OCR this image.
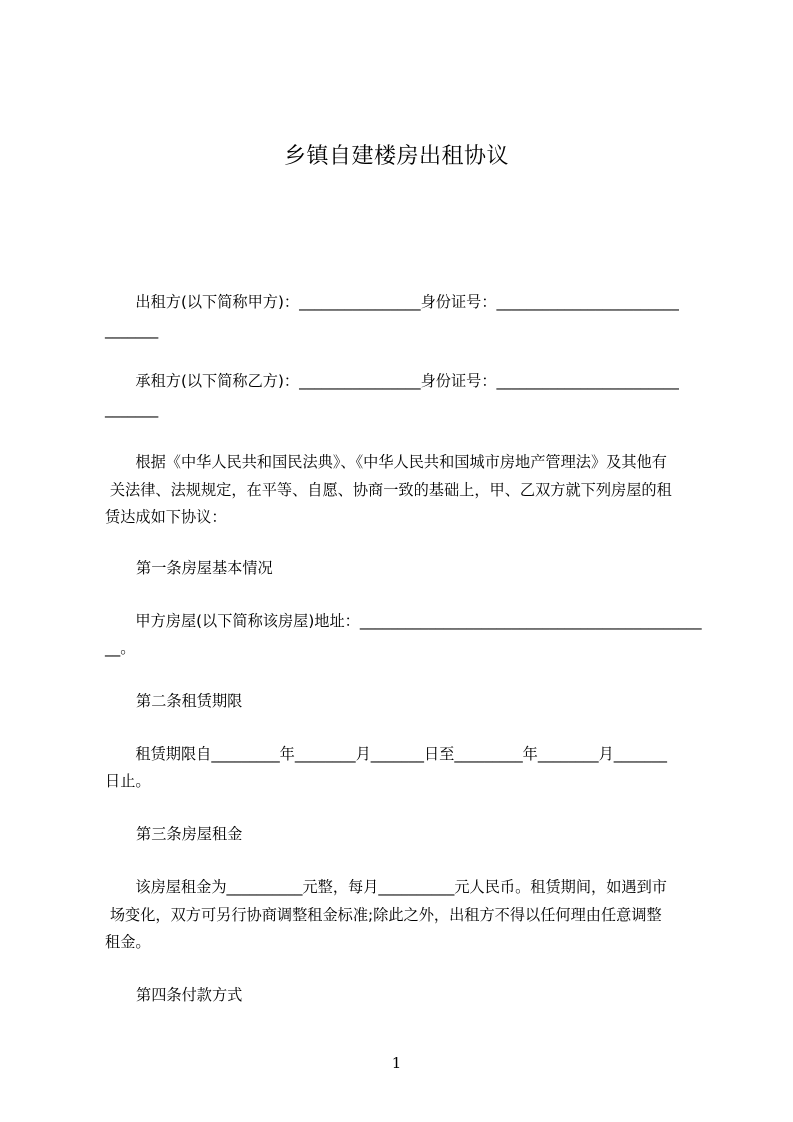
乡镇自建楼房出租协议
　　出租方(以下简称甲方)：________________身份证号：________________________
_______
　　承租方(以下简称乙方)：________________身份证号：________________________
_______
　　根据《中华人民共和国民法典》、《中华人民共和国城市房地产管理法》及其他有
关法律、法规规定，在平等、自愿、协商一致的基础上，甲、乙双方就下列房屋的租
赁达成如下协议：
第一条房屋基本情况
　　甲方房屋(以下简称该房屋)地址：_____________________________________________
__。
第二条租赁期限
　　租赁期限自_________年________月_______日至_________年________月_______
日止。
第三条房屋租金
　　该房屋租金为__________元整，每月__________元人民币。租赁期间，如遇到市
场变化，双方可另行协商调整租金标准;除此之外，出租方不得以任何理由任意调整
租金。
第四条付款方式
1
